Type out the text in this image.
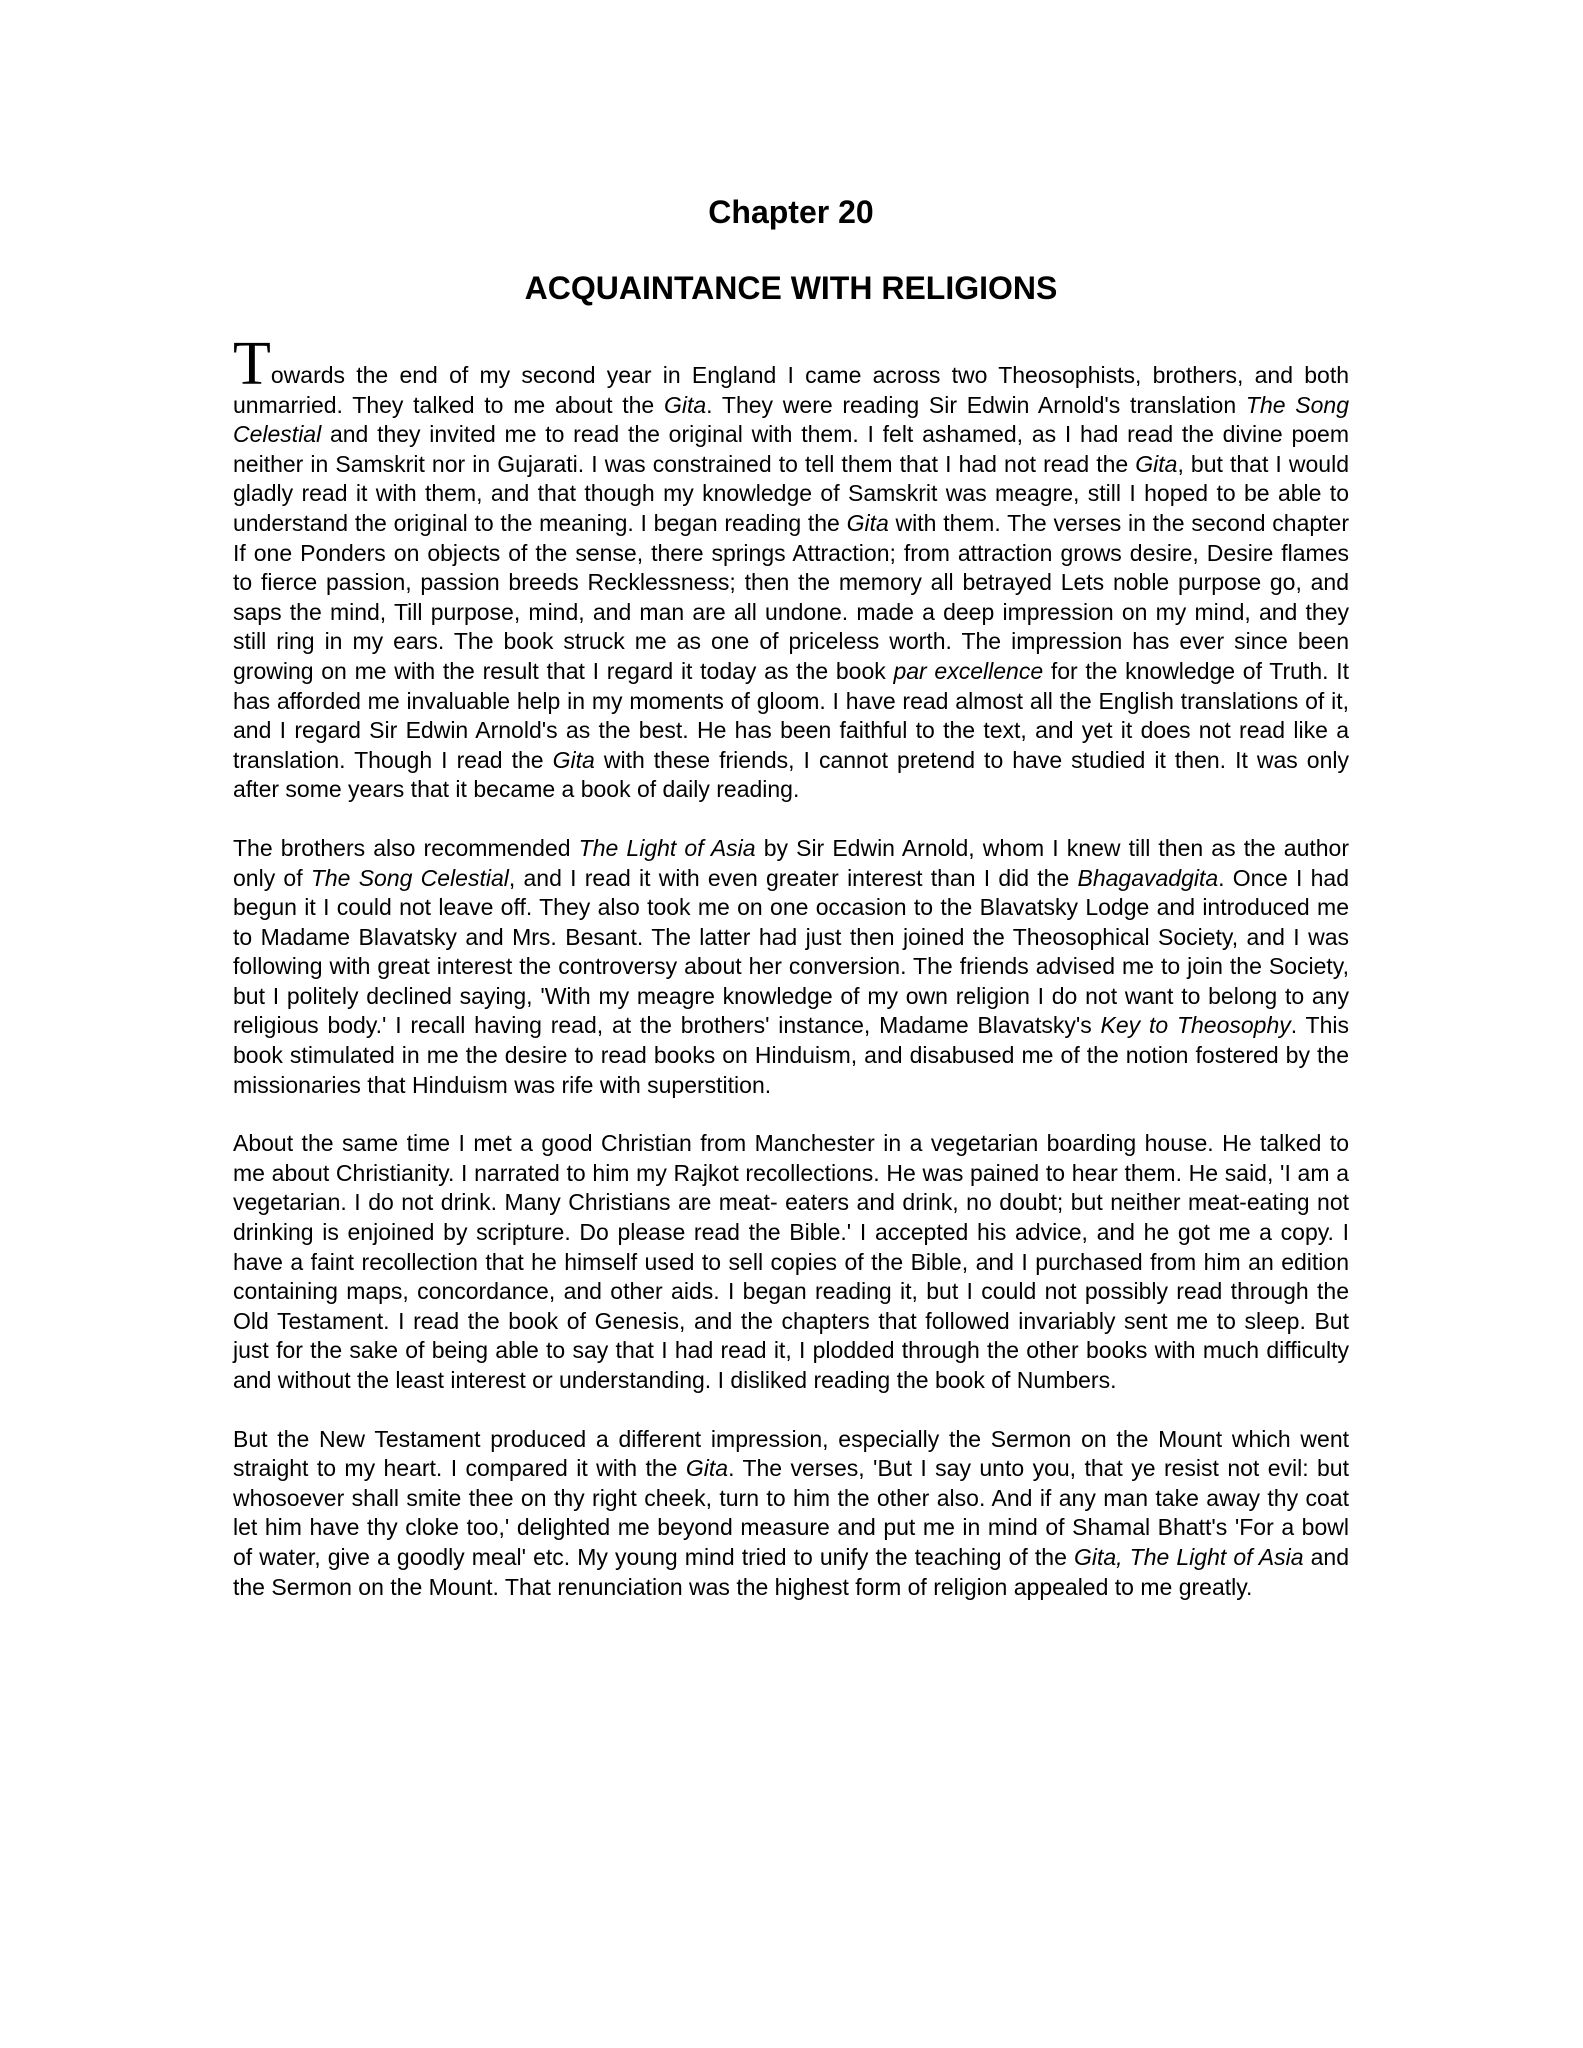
Chapter 20
ACQUAINTANCE WITH RELIGIONS

Towards the end of my second year in England I came across two Theosophists, brothers, and both unmarried. They talked to me about the Gita. They were reading Sir Edwin Arnold's translation The Song Celestial and they invited me to read the original with them. I felt ashamed, as I had read the divine poem neither in Samskrit nor in Gujarati. I was constrained to tell them that I had not read the Gita, but that I would gladly read it with them, and that though my knowledge of Samskrit was meagre, still I hoped to be able to understand the original to the meaning. I began reading the Gita with them. The verses in the second chapter If one Ponders on objects of the sense, there springs Attraction; from attraction grows desire, Desire flames to fierce passion, passion breeds Recklessness; then the memory all betrayed Lets noble purpose go, and saps the mind, Till purpose, mind, and man are all undone. made a deep impression on my mind, and they still ring in my ears. The book struck me as one of priceless worth. The impression has ever since been growing on me with the result that I regard it today as the book par excellence for the knowledge of Truth. It has afforded me invaluable help in my moments of gloom. I have read almost all the English translations of it, and I regard Sir Edwin Arnold's as the best. He has been faithful to the text, and yet it does not read like a translation. Though I read the Gita with these friends, I cannot pretend to have studied it then. It was only after some years that it became a book of daily reading.

The brothers also recommended The Light of Asia by Sir Edwin Arnold, whom I knew till then as the author only of The Song Celestial, and I read it with even greater interest than I did the Bhagavadgita. Once I had begun it I could not leave off. They also took me on one occasion to the Blavatsky Lodge and introduced me to Madame Blavatsky and Mrs. Besant. The latter had just then joined the Theosophical Society, and I was following with great interest the controversy about her conversion. The friends advised me to join the Society, but I politely declined saying, 'With my meagre knowledge of my own religion I do not want to belong to any religious body.' I recall having read, at the brothers' instance, Madame Blavatsky's Key to Theosophy. This book stimulated in me the desire to read books on Hinduism, and disabused me of the notion fostered by the missionaries that Hinduism was rife with superstition.

About the same time I met a good Christian from Manchester in a vegetarian boarding house. He talked to me about Christianity. I narrated to him my Rajkot recollections. He was pained to hear them. He said, 'I am a vegetarian. I do not drink. Many Christians are meat- eaters and drink, no doubt; but neither meat-eating not drinking is enjoined by scripture. Do please read the Bible.' I accepted his advice, and he got me a copy. I have a faint recollection that he himself used to sell copies of the Bible, and I purchased from him an edition containing maps, concordance, and other aids. I began reading it, but I could not possibly read through the Old Testament. I read the book of Genesis, and the chapters that followed invariably sent me to sleep. But just for the sake of being able to say that I had read it, I plodded through the other books with much difficulty and without the least interest or understanding. I disliked reading the book of Numbers.

But the New Testament produced a different impression, especially the Sermon on the Mount which went straight to my heart. I compared it with the Gita. The verses, 'But I say unto you, that ye resist not evil: but whosoever shall smite thee on thy right cheek, turn to him the other also. And if any man take away thy coat let him have thy cloke too,' delighted me beyond measure and put me in mind of Shamal Bhatt's 'For a bowl of water, give a goodly meal' etc. My young mind tried to unify the teaching of the Gita, The Light of Asia and the Sermon on the Mount. That renunciation was the highest form of religion appealed to me greatly.
